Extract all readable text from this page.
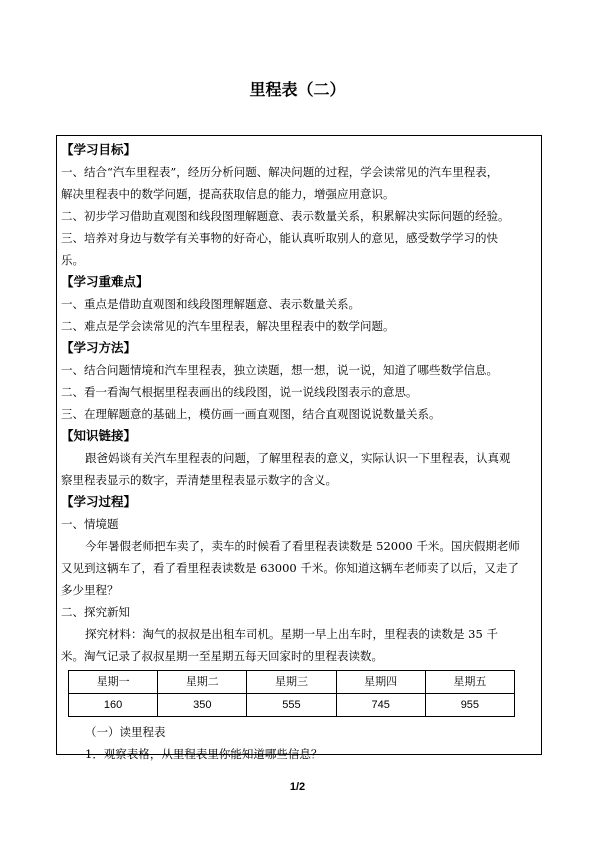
里程表（二）
【学习目标】

一、结合“汽车里程表”，经历分析问题、解决问题的过程，学会读常见的汽车里程表，

解决里程表中的数学问题，提高获取信息的能力，增强应用意识。

二、初步学习借助直观图和线段图理解题意、表示数量关系，积累解决实际问题的经验。

三、培养对身边与数学有关事物的好奇心，能认真听取别人的意见，感受数学学习的快

乐。

【学习重难点】

一、重点是借助直观图和线段图理解题意、表示数量关系。

二、难点是学会读常见的汽车里程表，解决里程表中的数学问题。

【学习方法】

一、结合问题情境和汽车里程表，独立读题，想一想，说一说，知道了哪些数学信息。

二、看一看淘气根据里程表画出的线段图，说一说线段图表示的意思。

三、在理解题意的基础上，模仿画一画直观图，结合直观图说说数量关系。

【知识链接】

跟爸妈谈有关汽车里程表的问题，了解里程表的意义，实际认识一下里程表，认真观

察里程表显示的数字，弄清楚里程表显示数字的含义。

【学习过程】

一、情境题

今年暑假老师把车卖了，卖车的时候看了看里程表读数是 52000 千米。国庆假期老师

又见到这辆车了，看了看里程表读数是 63000 千米。你知道这辆车老师卖了以后，又走了

多少里程？

二、探究新知

探究材料：淘气的叔叔是出租车司机。星期一早上出车时，里程表的读数是 35 千

米。淘气记录了叔叔星期一至星期五每天回家时的里程表读数。

星期一	星期二	星期三	星期四	星期五
160	350	555	745	955

（一）读里程表

1．观察表格，从里程表里你能知道哪些信息？

1/2
